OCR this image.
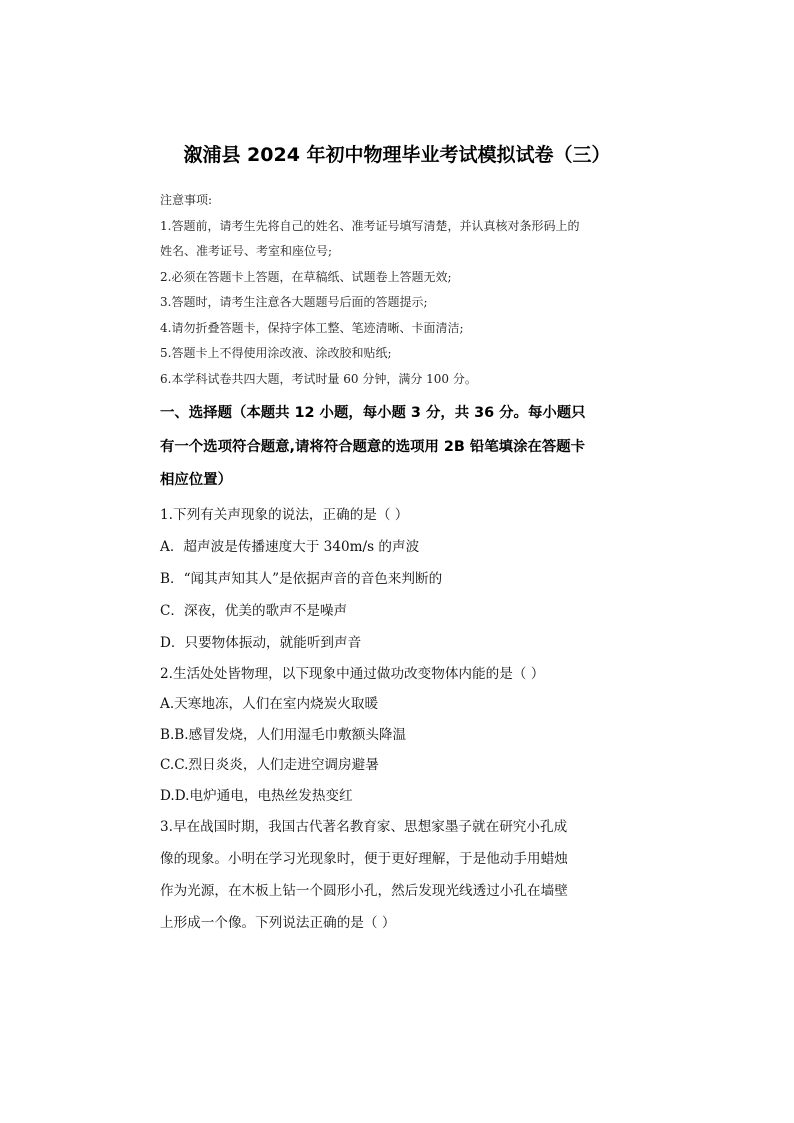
溆浦县 2024 年初中物理毕业考试模拟试卷（三）
注意事项:
1.答题前，请考生先将自己的姓名、准考证号填写清楚，并认真核对条形码上的
姓名、准考证号、考室和座位号;
2.必须在答题卡上答题，在草稿纸、试题卷上答题无效;
3.答题时，请考生注意各大题题号后面的答题提示;
4.请勿折叠答题卡，保持字体工整、笔迹清晰、卡面清洁;
5.答题卡上不得使用涂改液、涂改胶和贴纸;
6.本学科试卷共四大题，考试时量 60 分钟，满分 100 分。
一、选择题（本题共 12 小题，每小题 3 分，共 36 分。每小题只
有一个选项符合题意,请将符合题意的选项用 2B 铅笔填涂在答题卡
相应位置）
1.下列有关声现象的说法，正确的是（ ）
A．超声波是传播速度大于 340m/s 的声波
B．“闻其声知其人”是依据声音的音色来判断的
C．深夜，优美的歌声不是噪声
D．只要物体振动，就能听到声音
2.生活处处皆物理，以下现象中通过做功改变物体内能的是（ ）
A.天寒地冻，人们在室内烧炭火取暖
B.B.感冒发烧，人们用湿毛巾敷额头降温
C.C.烈日炎炎，人们走进空调房避暑
D.D.电炉通电，电热丝发热变红
3.早在战国时期，我国古代著名教育家、思想家墨子就在研究小孔成
像的现象。小明在学习光现象时，便于更好理解，于是他动手用蜡烛
作为光源，在木板上钻一个圆形小孔，然后发现光线透过小孔在墙壁
上形成一个像。下列说法正确的是（ ）
